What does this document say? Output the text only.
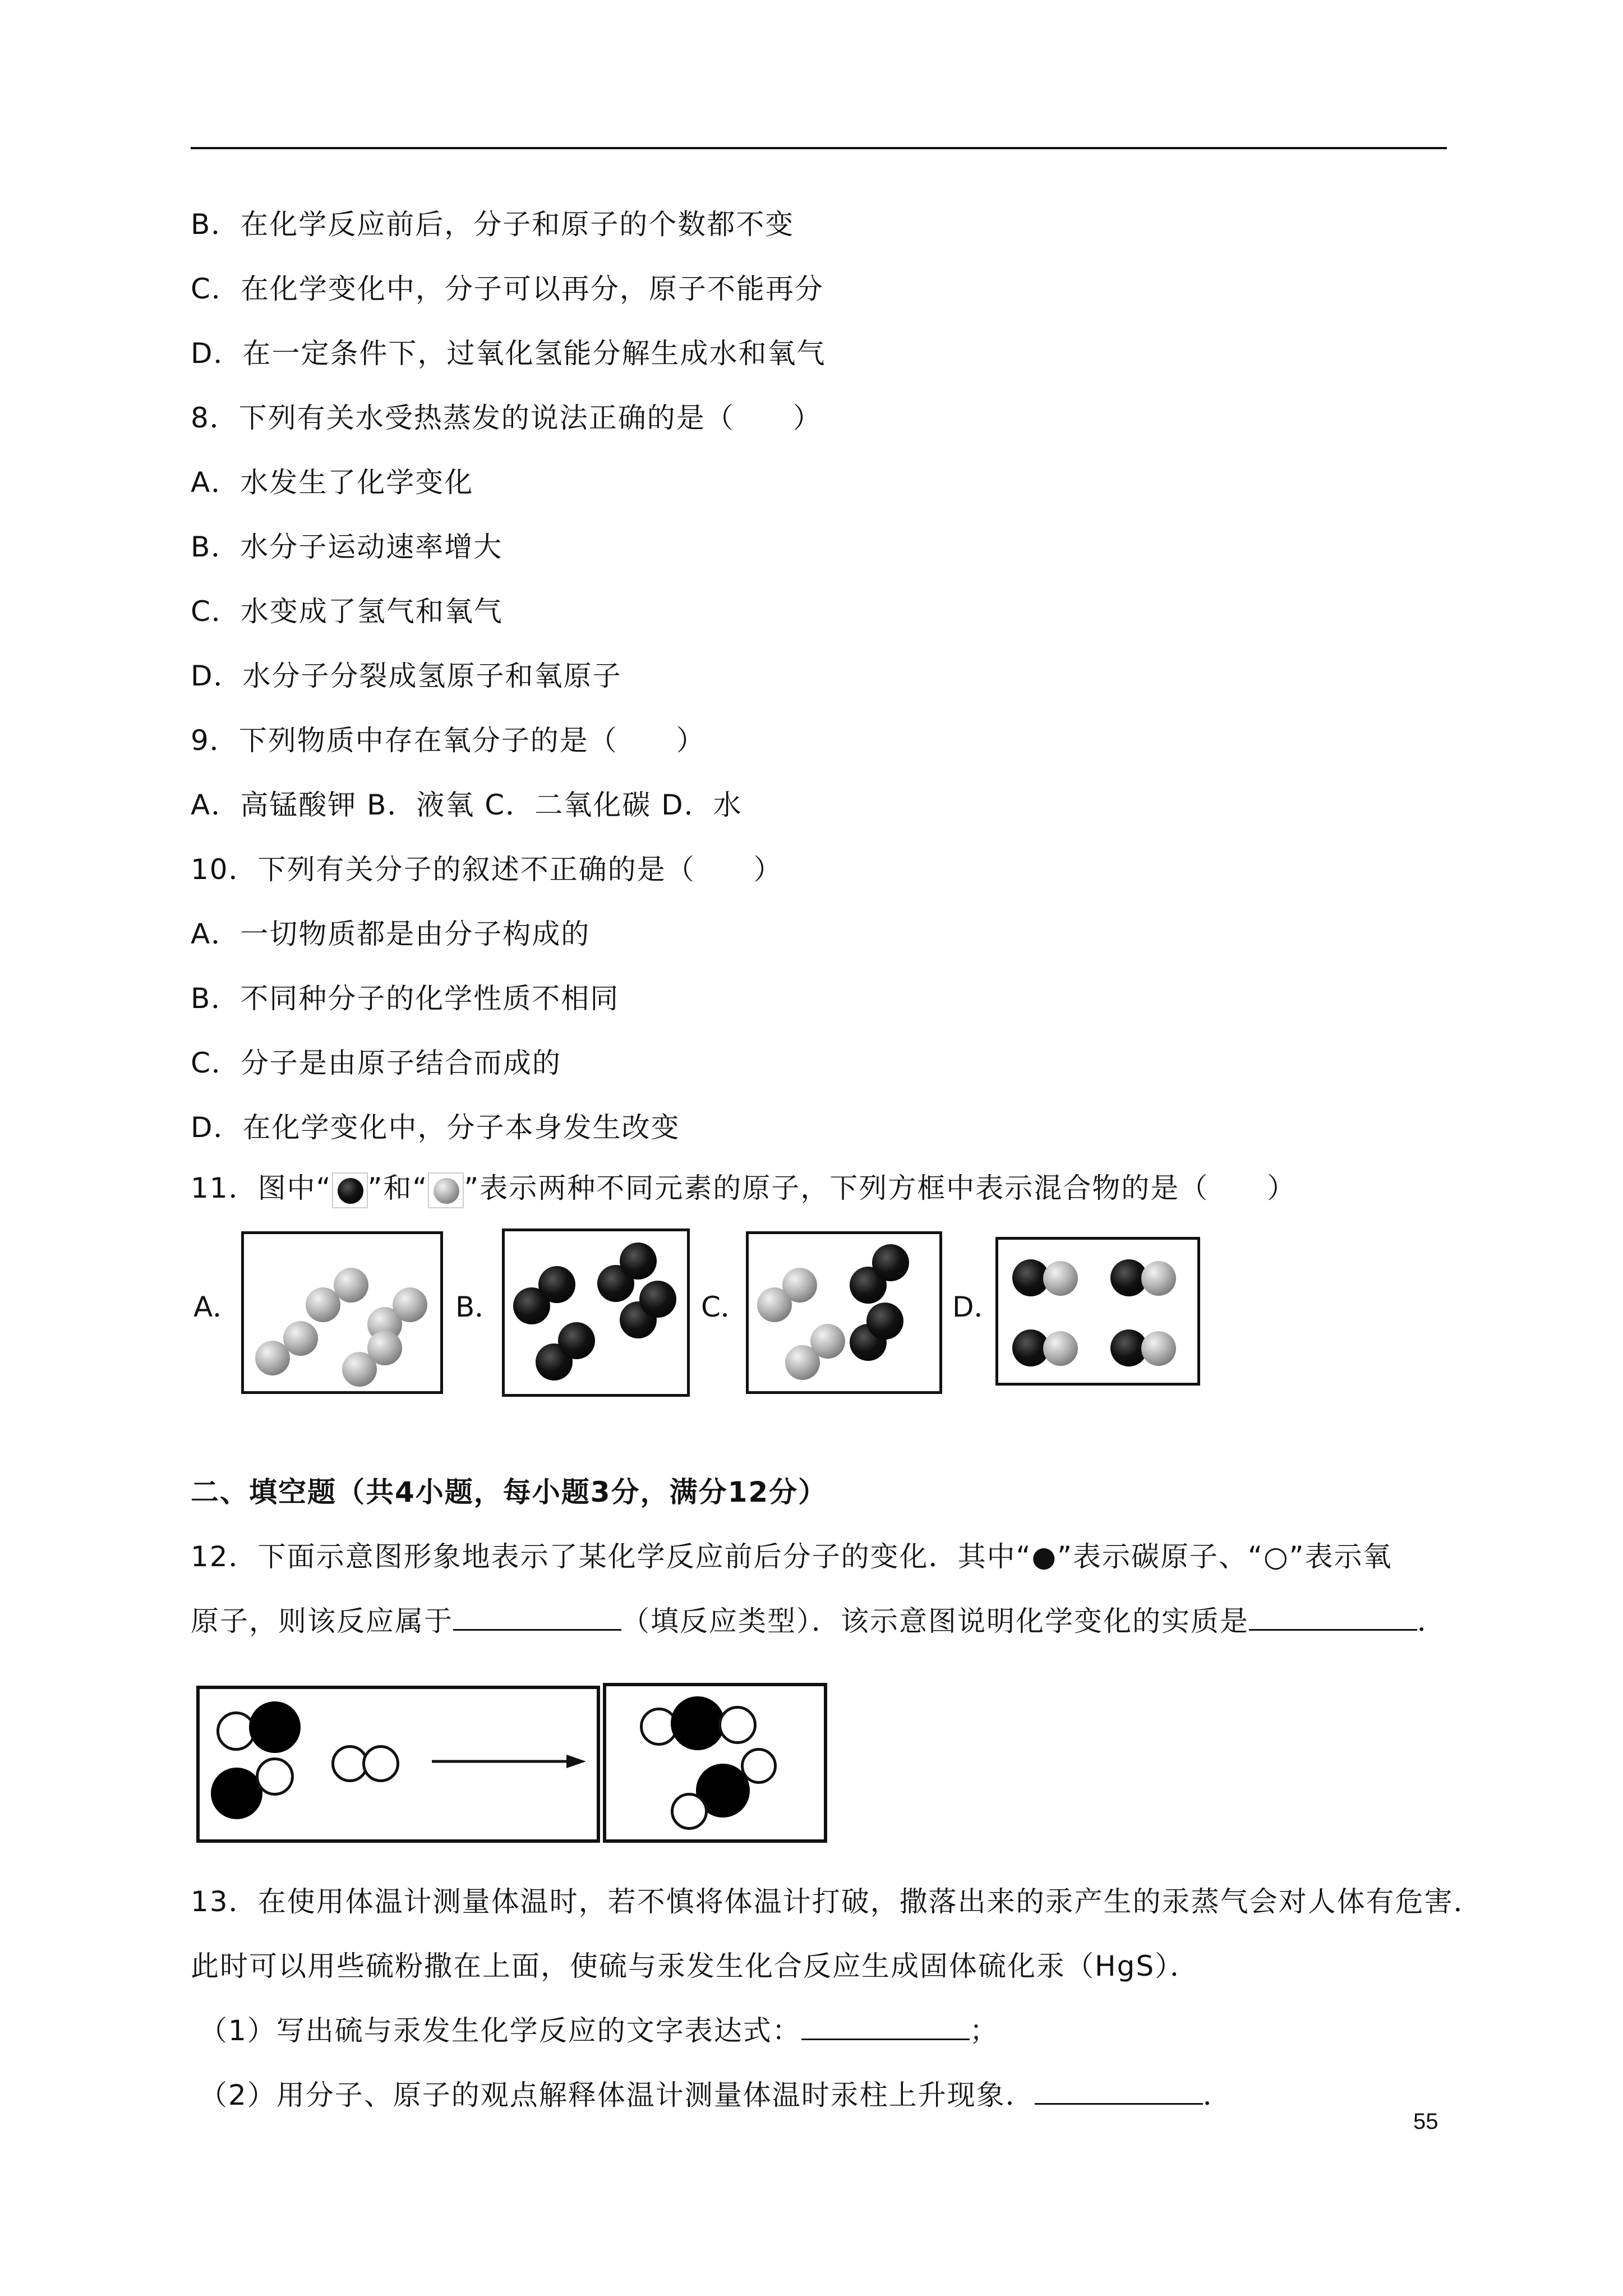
B．在化学反应前后，分子和原子的个数都不变
C．在化学变化中，分子可以再分，原子不能再分
D．在一定条件下，过氧化氢能分解生成水和氧气
8．下列有关水受热蒸发的说法正确的是（　　）
A．水发生了化学变化
B．水分子运动速率增大
C．水变成了氢气和氧气
D．水分子分裂成氢原子和氧原子
9．下列物质中存在氧分子的是（　　）
A．高锰酸钾 B．液氧 C．二氧化碳 D．水
10．下列有关分子的叙述不正确的是（　　）
A．一切物质都是由分子构成的
B．不同种分子的化学性质不相同
C．分子是由原子结合而成的
D．在化学变化中，分子本身发生改变
11．图中“ ”和“ ”表示两种不同元素的原子，下列方框中表示混合物的是（　　）
A．	B．	C．	D．
二、填空题（共4小题，每小题3分，满分12分）
12．下面示意图形象地表示了某化学反应前后分子的变化．其中“●”表示碳原子、“○”表示氧
原子，则该反应属于	（填反应类型）．该示意图说明化学变化的实质是	．
13．在使用体温计测量体温时，若不慎将体温计打破，撒落出来的汞产生的汞蒸气会对人体有危害．
此时可以用些硫粉撒在上面，使硫与汞发生化合反应生成固体硫化汞（HgS）．
（1）写出硫与汞发生化学反应的文字表达式：	；
（2）用分子、原子的观点解释体温计测量体温时汞柱上升现象．	．
55
